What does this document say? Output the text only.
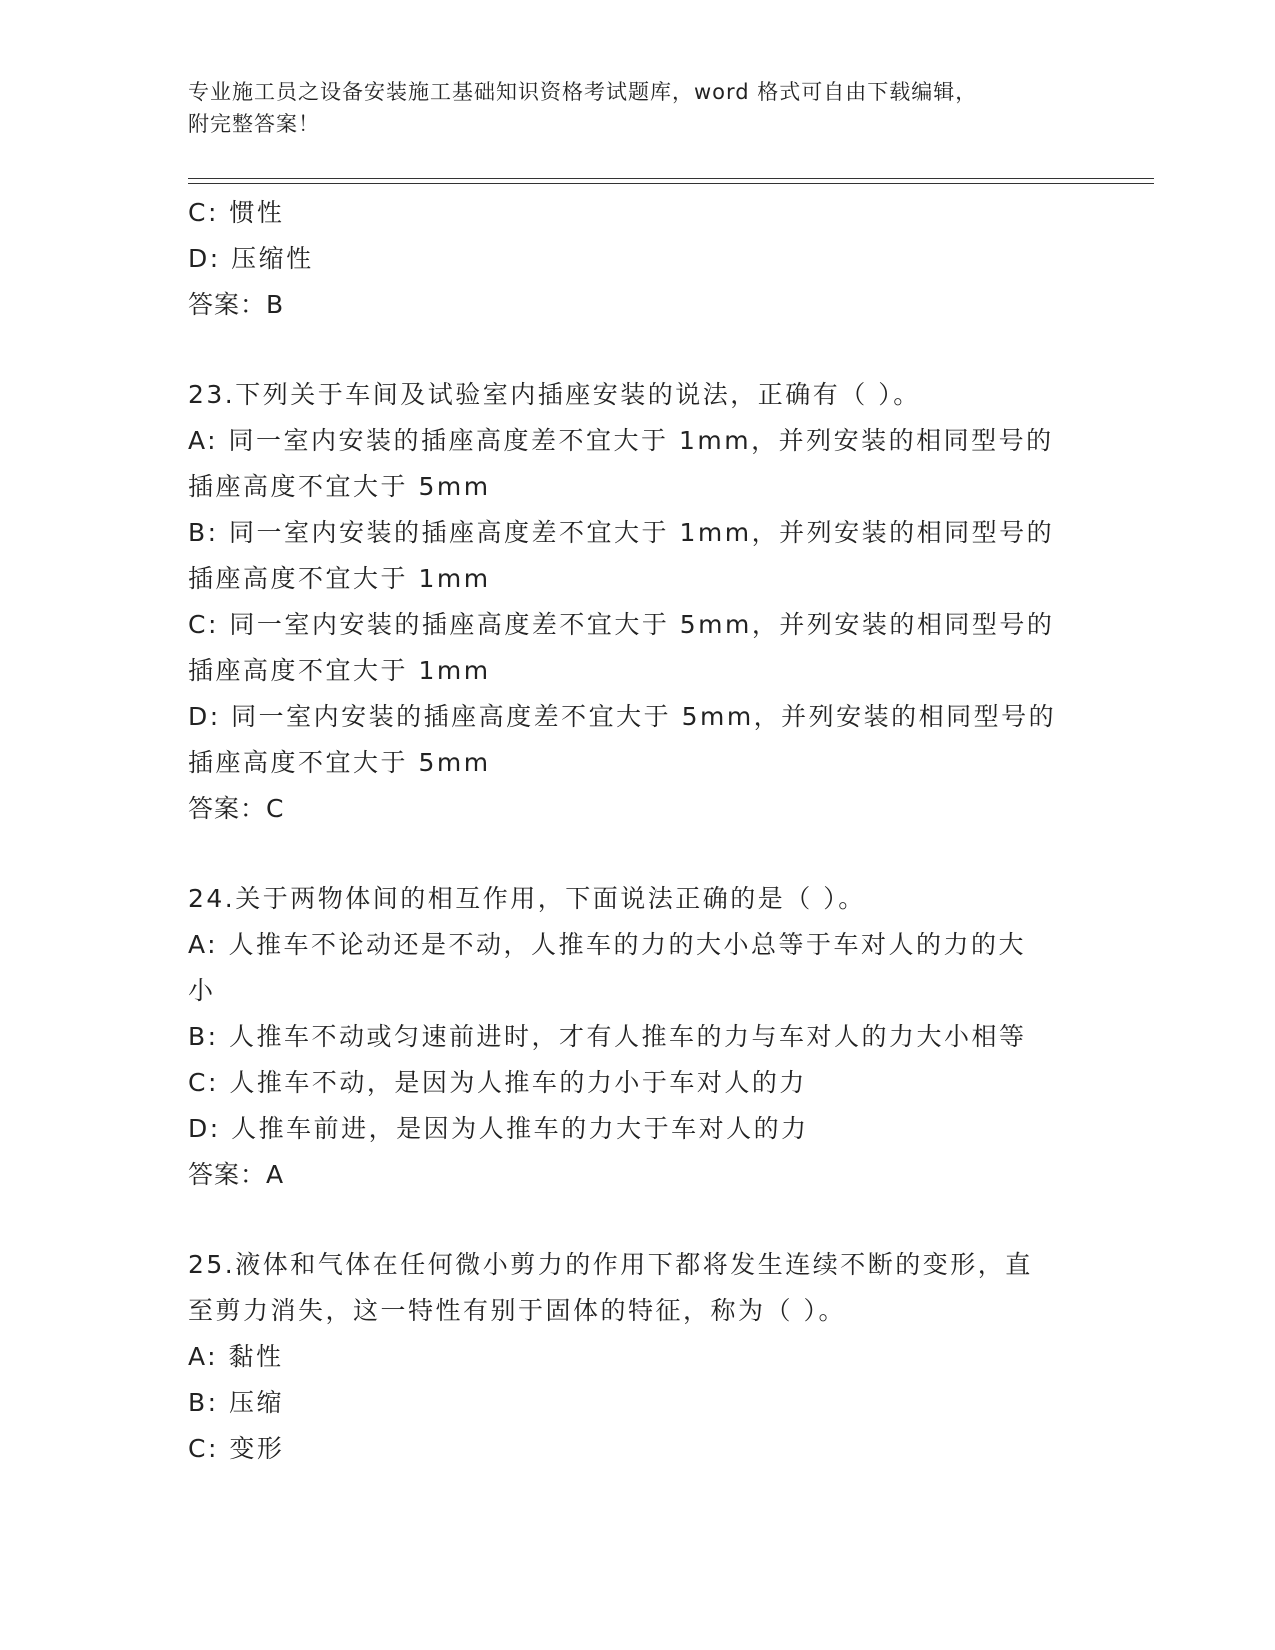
专业施工员之设备安装施工基础知识资格考试题库，word 格式可自由下载编辑，
附完整答案！
C: 惯性
D: 压缩性
答案：B
23.下列关于车间及试验室内插座安装的说法，正确有（ ）。
A: 同一室内安装的插座高度差不宜大于 1mm，并列安装的相同型号的
插座高度不宜大于 5mm
B: 同一室内安装的插座高度差不宜大于 1mm，并列安装的相同型号的
插座高度不宜大于 1mm
C: 同一室内安装的插座高度差不宜大于 5mm，并列安装的相同型号的
插座高度不宜大于 1mm
D: 同一室内安装的插座高度差不宜大于 5mm，并列安装的相同型号的
插座高度不宜大于 5mm
答案：C
24.关于两物体间的相互作用，下面说法正确的是（ ）。
A: 人推车不论动还是不动，人推车的力的大小总等于车对人的力的大
小
B: 人推车不动或匀速前进时，才有人推车的力与车对人的力大小相等
C: 人推车不动，是因为人推车的力小于车对人的力
D: 人推车前进，是因为人推车的力大于车对人的力
答案：A
25.液体和气体在任何微小剪力的作用下都将发生连续不断的变形，直
至剪力消失，这一特性有别于固体的特征，称为（ ）。
A: 黏性
B: 压缩
C: 变形
